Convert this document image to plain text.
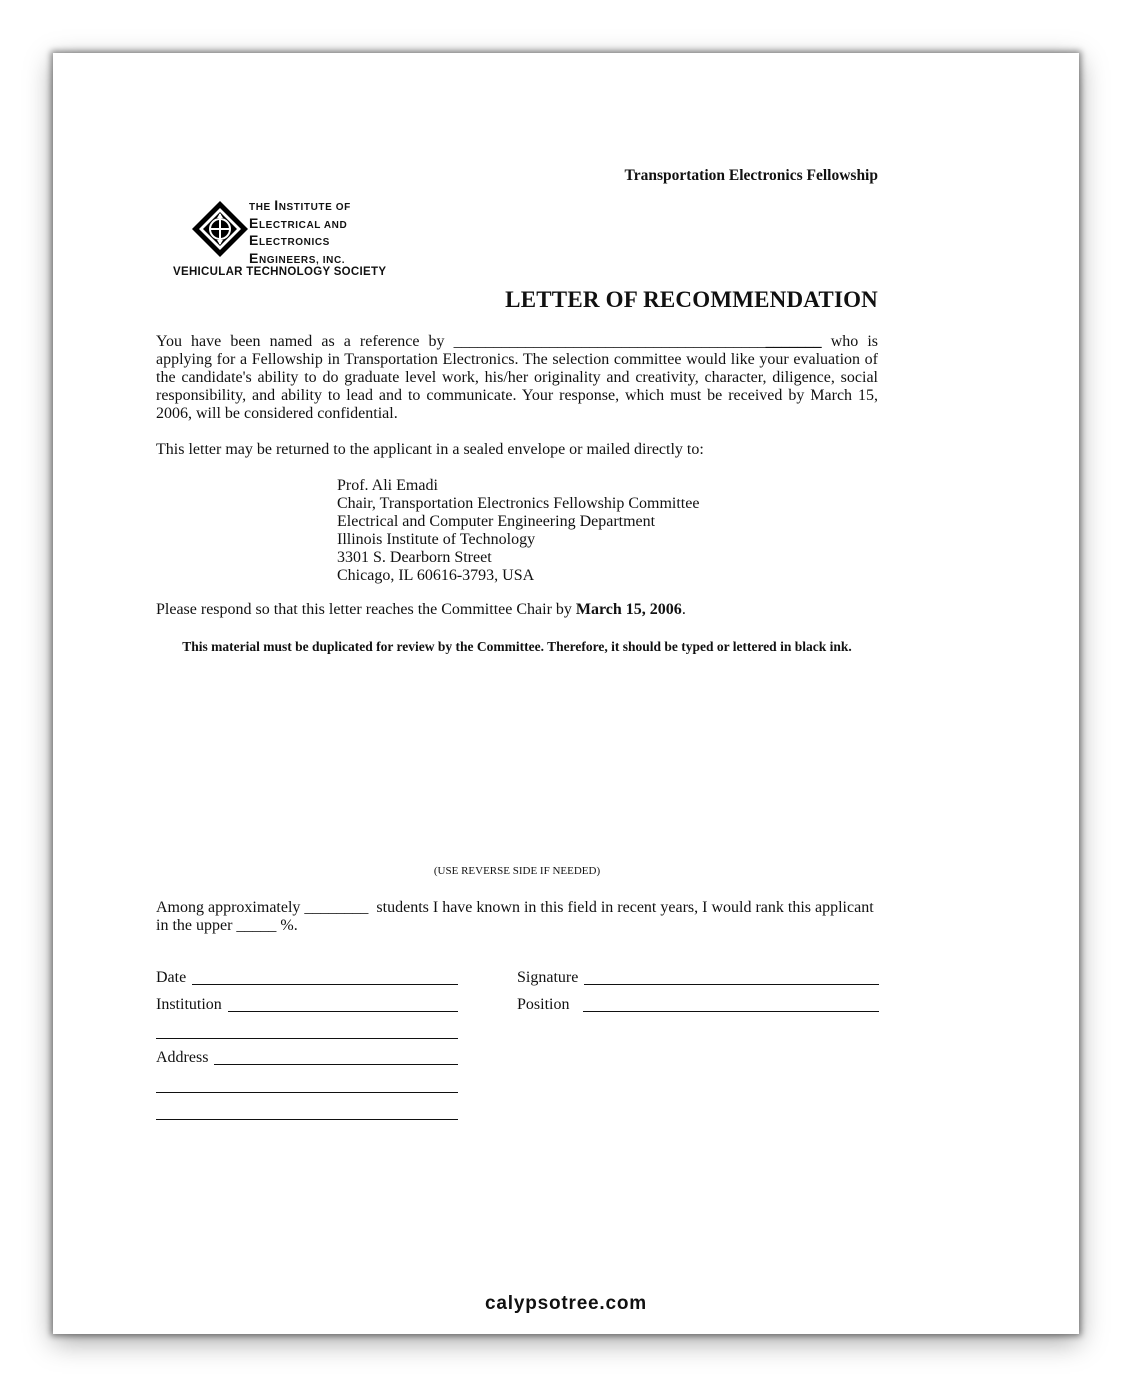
Transportation Electronics Fellowship
THE INSTITUTE OF
ELECTRICAL AND
ELECTRONICS
ENGINEERS, INC.
VEHICULAR TECHNOLOGY SOCIETY
LETTER OF RECOMMENDATION
You have been named as a reference by ______________________________________________ who is applying for a Fellowship in Transportation Electronics. The selection committee would like your evaluation of the candidate's ability to do graduate level work, his/her originality and creativity, character, diligence, social responsibility, and ability to lead and to communicate. Your response, which must be received by March 15, 2006, will be considered confidential.
This letter may be returned to the applicant in a sealed envelope or mailed directly to:
Prof. Ali Emadi
Chair, Transportation Electronics Fellowship Committee
Electrical and Computer Engineering Department
Illinois Institute of Technology
3301 S. Dearborn Street
Chicago, IL 60616-3793, USA
Please respond so that this letter reaches the Committee Chair by March 15, 2006.
This material must be duplicated for review by the Committee. Therefore, it should be typed or lettered in black ink.
(USE REVERSE SIDE IF NEEDED)
Among approximately ________ students I have known in this field in recent years, I would rank this applicant in the upper _____ %.
Date	Signature
Institution	Position
Address
calypsotree.com
